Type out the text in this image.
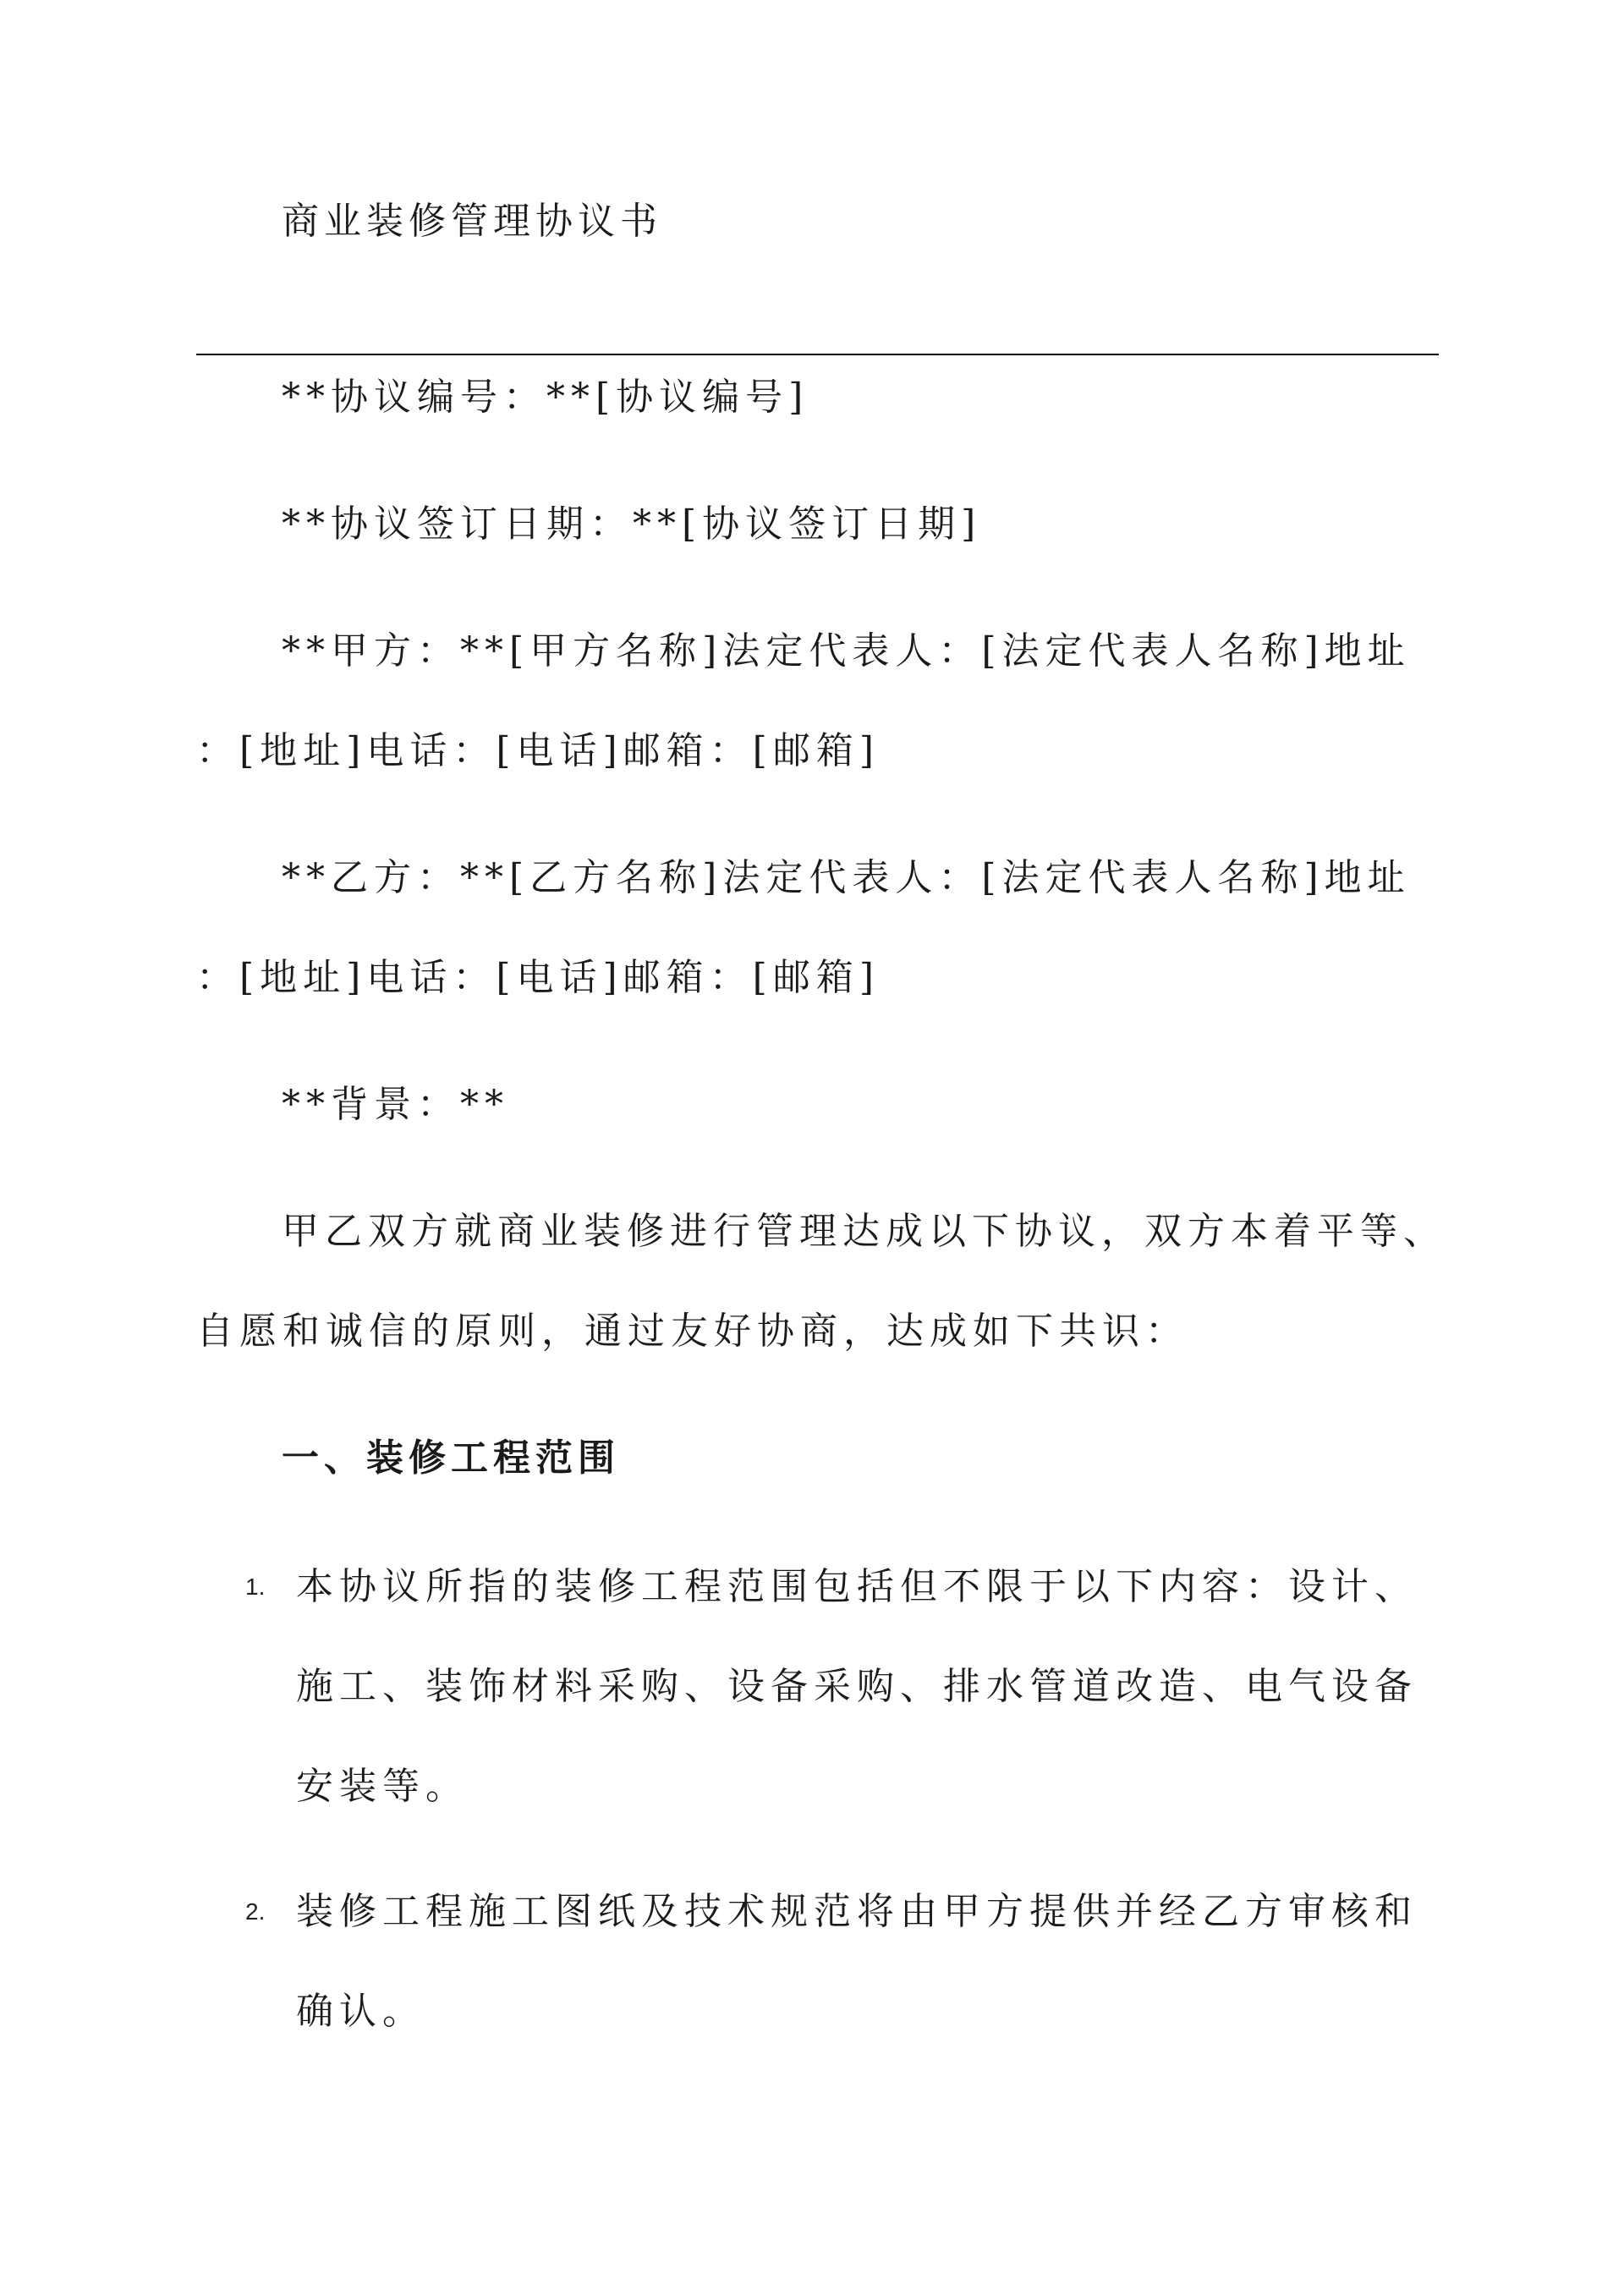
商业装修管理协议书
**协议编号：**[协议编号]
**协议签订日期：**[协议签订日期]
**甲方：**[甲方名称]法定代表人：[法定代表人名称]地址
：[地址]电话：[电话]邮箱：[邮箱]
**乙方：**[乙方名称]法定代表人：[法定代表人名称]地址
：[地址]电话：[电话]邮箱：[邮箱]
**背景：**
甲乙双方就商业装修进行管理达成以下协议，双方本着平等、
自愿和诚信的原则，通过友好协商，达成如下共识：
一、装修工程范围
1. 本协议所指的装修工程范围包括但不限于以下内容：设计、
施工、装饰材料采购、设备采购、排水管道改造、电气设备
安装等。
2. 装修工程施工图纸及技术规范将由甲方提供并经乙方审核和
确认。
